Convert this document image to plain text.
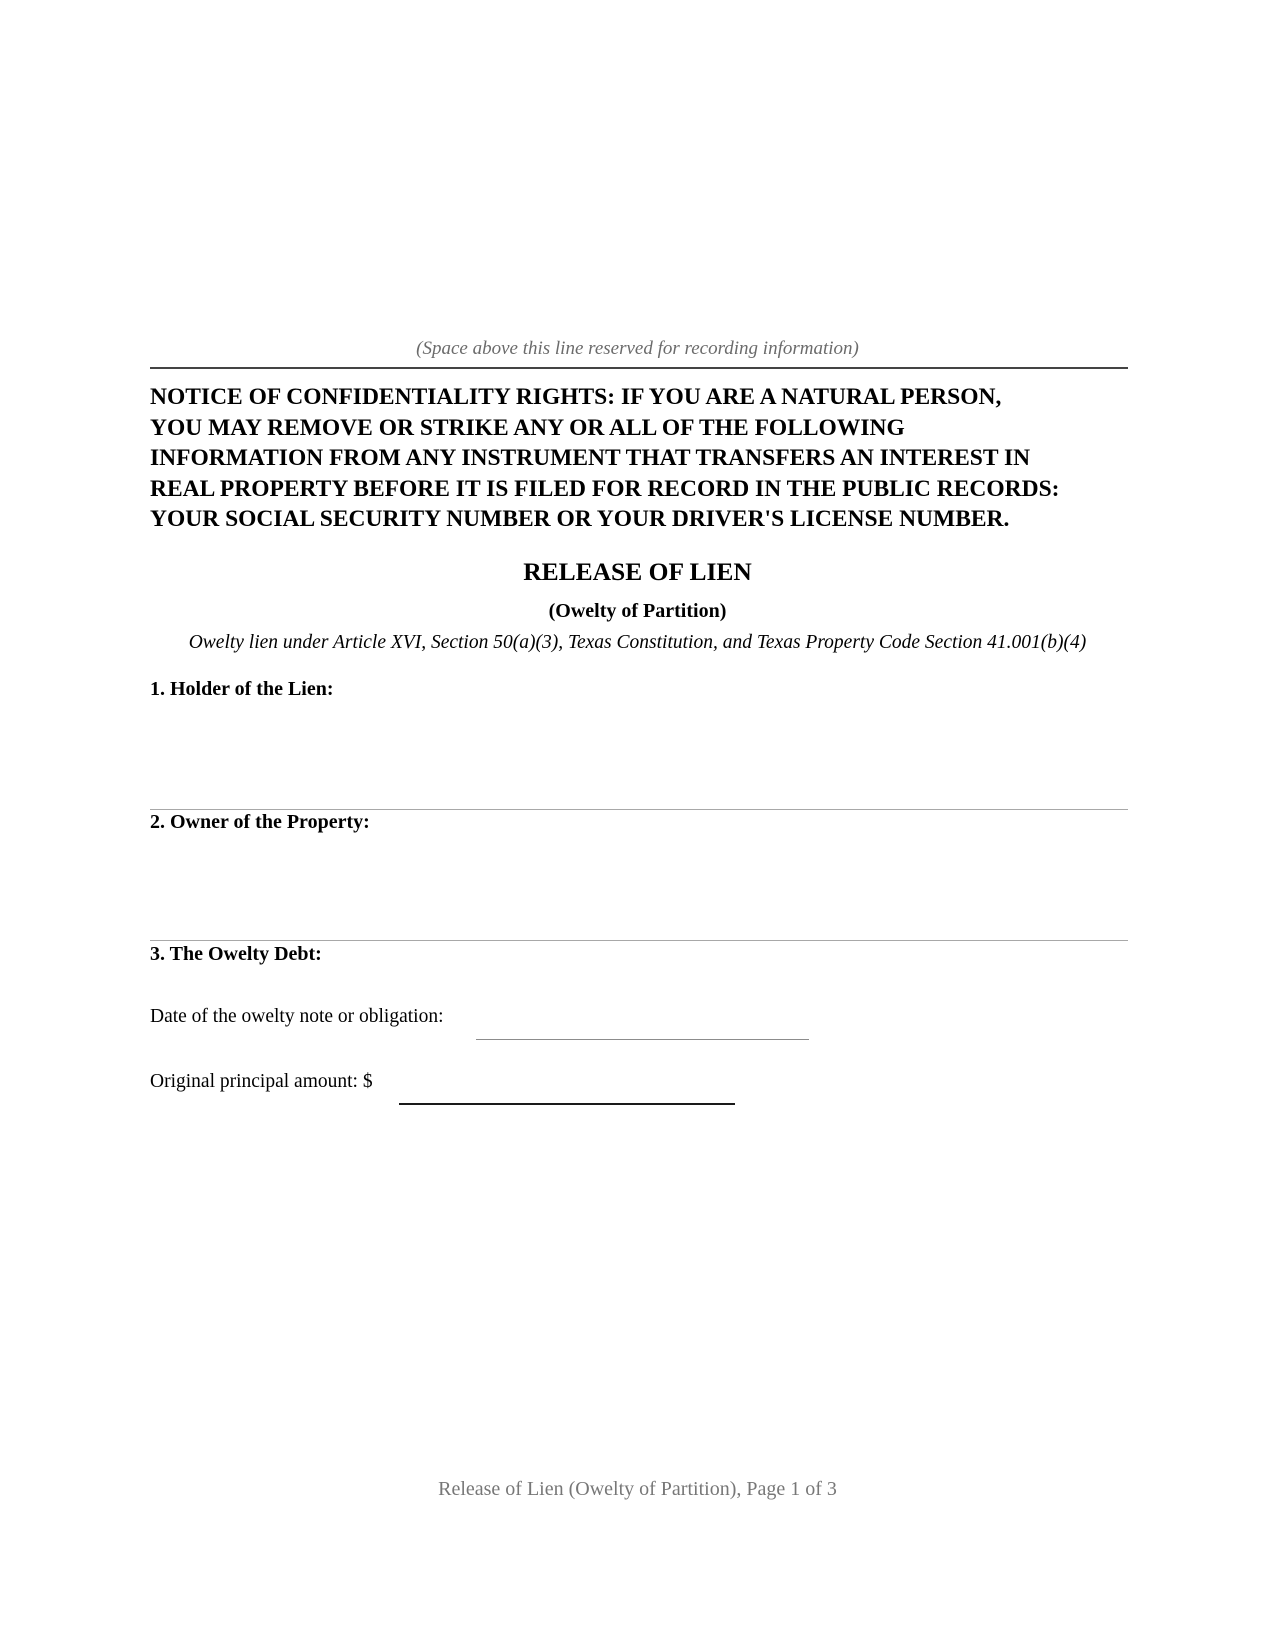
(Space above this line reserved for recording information)
NOTICE OF CONFIDENTIALITY RIGHTS: IF YOU ARE A NATURAL PERSON,
YOU MAY REMOVE OR STRIKE ANY OR ALL OF THE FOLLOWING
INFORMATION FROM ANY INSTRUMENT THAT TRANSFERS AN INTEREST IN
REAL PROPERTY BEFORE IT IS FILED FOR RECORD IN THE PUBLIC RECORDS:
YOUR SOCIAL SECURITY NUMBER OR YOUR DRIVER'S LICENSE NUMBER.
RELEASE OF LIEN
(Owelty of Partition)
Owelty lien under Article XVI, Section 50(a)(3), Texas Constitution, and Texas Property Code Section 41.001(b)(4)
1. Holder of the Lien:
2. Owner of the Property:
3. The Owelty Debt:
Date of the owelty note or obligation:
Original principal amount: $
Release of Lien (Owelty of Partition), Page 1 of 3
